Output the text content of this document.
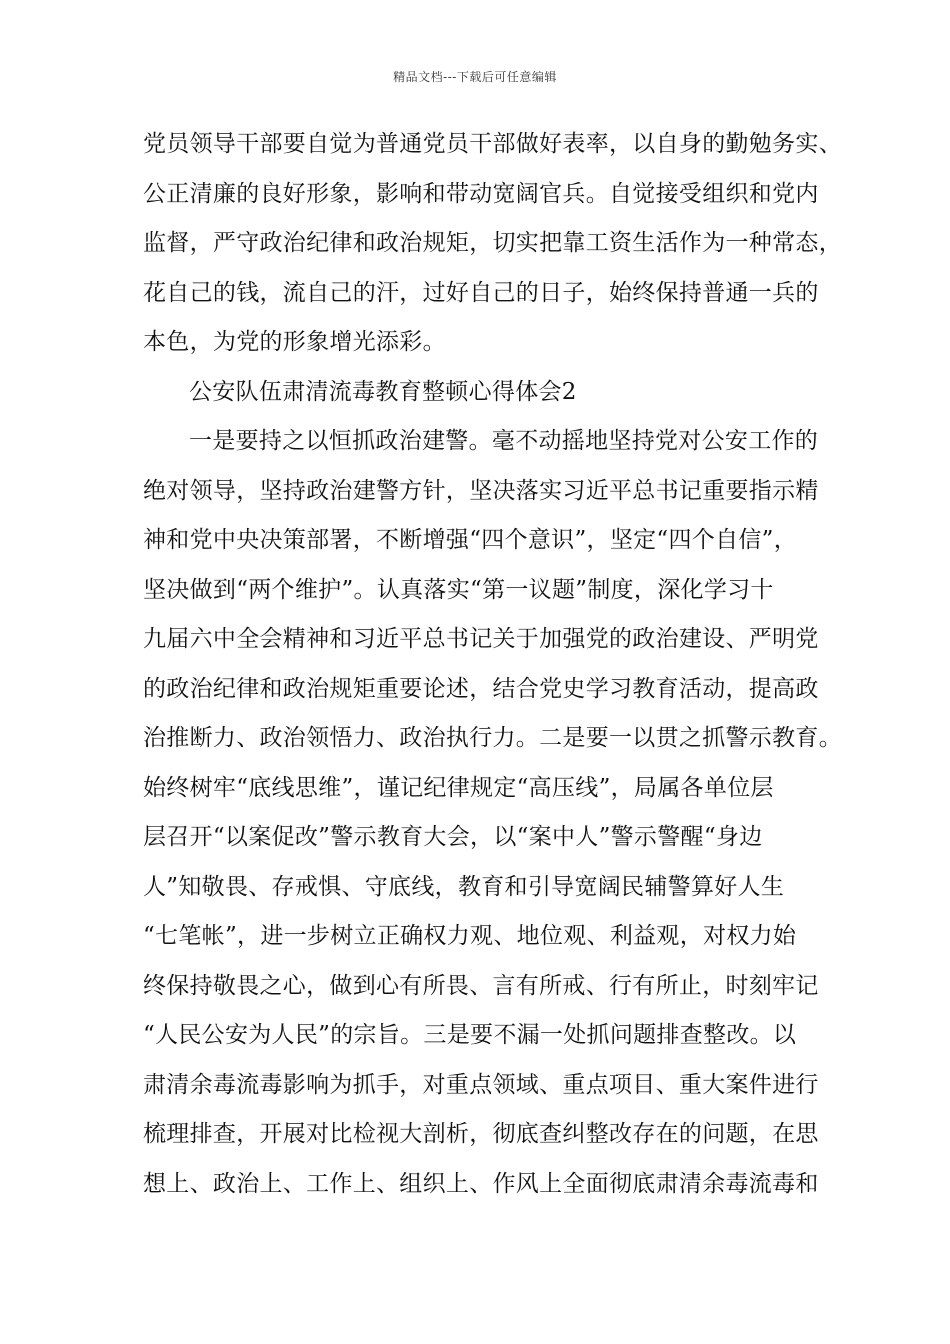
精品文档---下载后可任意编辑
党员领导干部要自觉为普通党员干部做好表率，以自身的勤勉务实、
公正清廉的良好形象，影响和带动宽阔官兵。自觉接受组织和党内
监督，严守政治纪律和政治规矩，切实把靠工资生活作为一种常态，
花自己的钱，流自己的汗，过好自己的日子，始终保持普通一兵的
本色，为党的形象增光添彩。
公安队伍肃清流毒教育整顿心得体会2
一是要持之以恒抓政治建警。毫不动摇地坚持党对公安工作的
绝对领导，坚持政治建警方针，坚决落实习近平总书记重要指示精
神和党中央决策部署，不断增强“四个意识”，坚定“四个自信”，
坚决做到“两个维护”。认真落实“第一议题”制度，深化学习十
九届六中全会精神和习近平总书记关于加强党的政治建设、严明党
的政治纪律和政治规矩重要论述，结合党史学习教育活动，提高政
治推断力、政治领悟力、政治执行力。二是要一以贯之抓警示教育。
始终树牢“底线思维”，谨记纪律规定“高压线”，局属各单位层
层召开“以案促改”警示教育大会，以“案中人”警示警醒“身边
人”知敬畏、存戒惧、守底线，教育和引导宽阔民辅警算好人生
“七笔帐”，进一步树立正确权力观、地位观、利益观，对权力始
终保持敬畏之心，做到心有所畏、言有所戒、行有所止，时刻牢记
“人民公安为人民”的宗旨。三是要不漏一处抓问题排查整改。以
肃清余毒流毒影响为抓手，对重点领域、重点项目、重大案件进行
梳理排查，开展对比检视大剖析，彻底查纠整改存在的问题，在思
想上、政治上、工作上、组织上、作风上全面彻底肃清余毒流毒和
